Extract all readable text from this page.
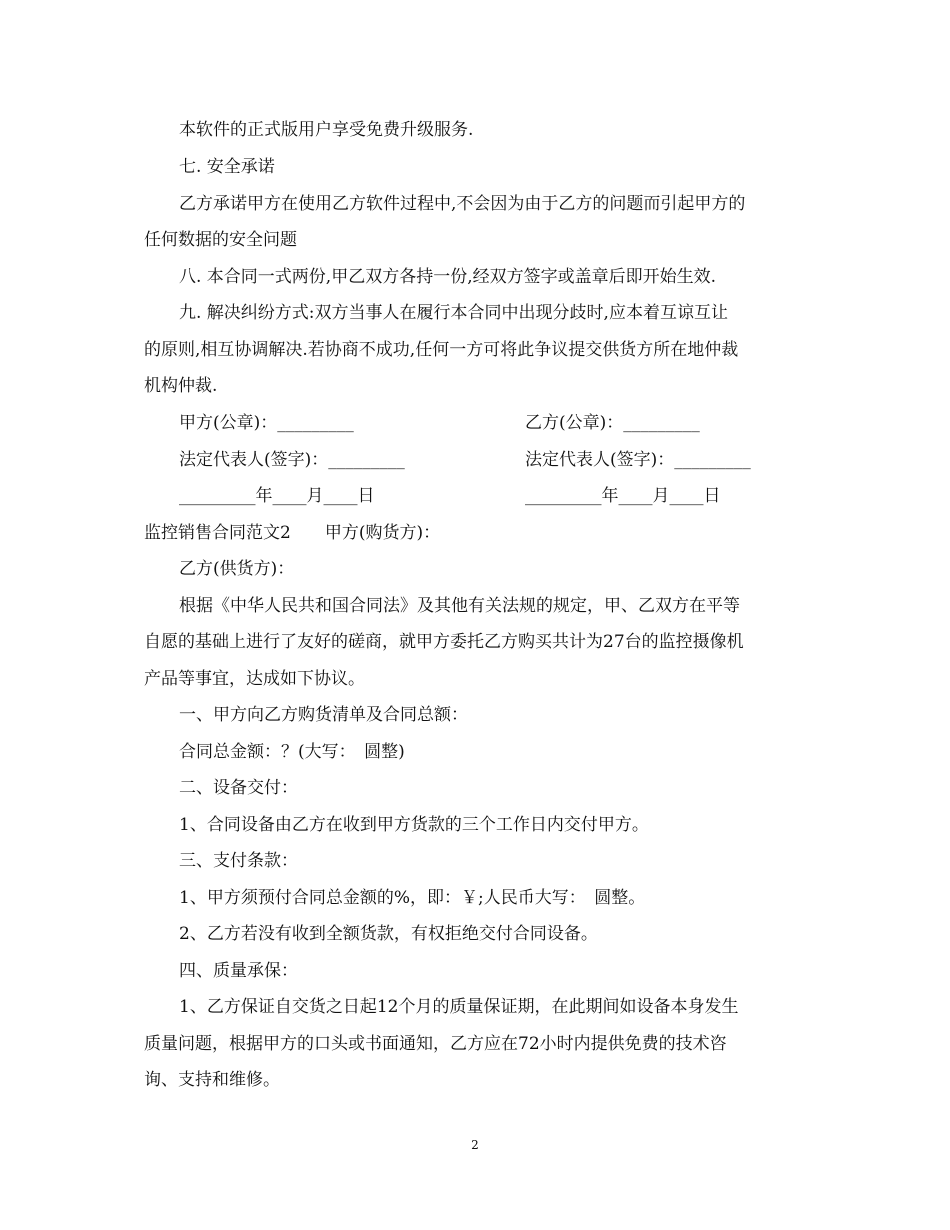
本软件的正式版用户享受免费升级服务.
七. 安全承诺
乙方承诺甲方在使用乙方软件过程中,不会因为由于乙方的问题而引起甲方的
任何数据的安全问题
八. 本合同一式两份,甲乙双方各持一份,经双方签字或盖章后即开始生效.
九. 解决纠纷方式:双方当事人在履行本合同中出现分歧时,应本着互谅互让
的原则,相互协调解决.若协商不成功,任何一方可将此争议提交供货方所在地仲裁
机构仲裁.
甲方(公章)：_________	乙方(公章)：_________
法定代表人(签字)：_________	法定代表人(签字)：_________
_________年____月____日	_________年____月____日
监控销售合同范文2　　甲方(购货方)：
乙方(供货方)：
根据《中华人民共和国合同法》及其他有关法规的规定，甲、乙双方在平等
自愿的基础上进行了友好的磋商，就甲方委托乙方购买共计为27台的监控摄像机
产品等事宜，达成如下协议。
一、甲方向乙方购货清单及合同总额：
合同总金额：？(大写：　圆整)
二、设备交付：
1、合同设备由乙方在收到甲方货款的三个工作日内交付甲方。
三、支付条款：
1、甲方须预付合同总金额的%，即：￥;人民币大写：　圆整。
2、乙方若没有收到全额货款，有权拒绝交付合同设备。
四、质量承保：
1、乙方保证自交货之日起12个月的质量保证期，在此期间如设备本身发生
质量问题，根据甲方的口头或书面通知，乙方应在72小时内提供免费的技术咨
询、支持和维修。
2
